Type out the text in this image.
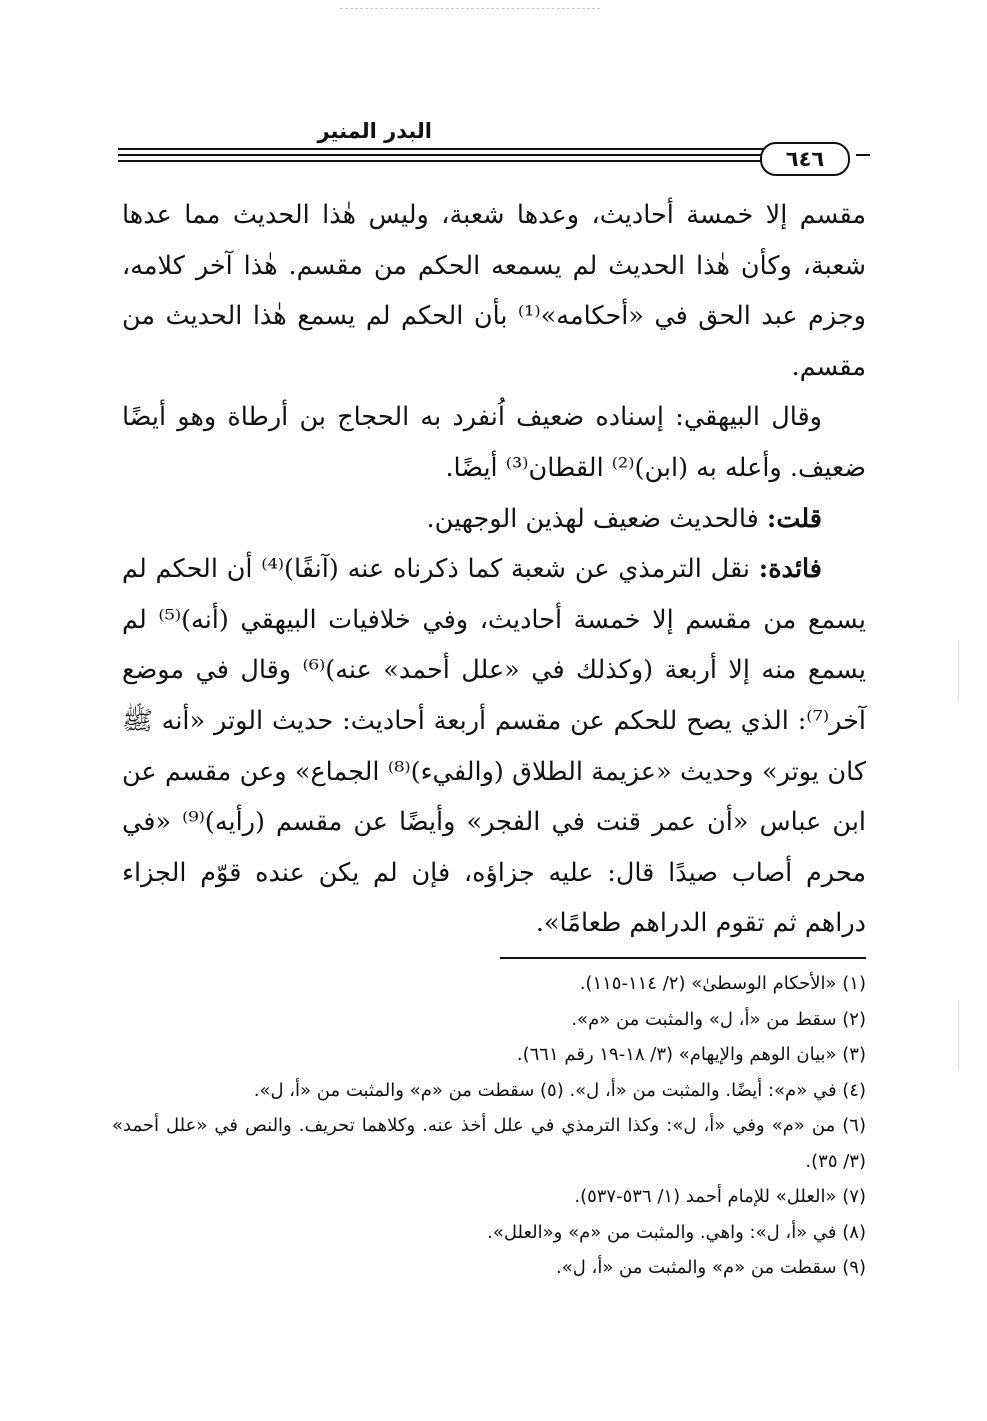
البدر المنير
٦٤٦

مقسم إلا خمسة أحاديث، وعدها شعبة، وليس هٰذا الحديث مما عدها شعبة، وكأن هٰذا الحديث لم يسمعه الحكم من مقسم. هٰذا آخر كلامه، وجزم عبد الحق في «أحكامه»⁽¹⁾ بأن الحكم لم يسمع هٰذا الحديث من مقسم.

وقال البيهقي: إسناده ضعيف اُنفرد به الحجاج بن أرطاة وهو أيضًا ضعيف. وأعله به (ابن)⁽²⁾ القطان⁽³⁾ أيضًا.

قلت: فالحديث ضعيف لهذين الوجهين.

فائدة: نقل الترمذي عن شعبة كما ذكرناه عنه (آنفًا)⁽⁴⁾ أن الحكم لم يسمع من مقسم إلا خمسة أحاديث، وفي خلافيات البيهقي (أنه)⁽⁵⁾ لم يسمع منه إلا أربعة (وكذلك في «علل أحمد» عنه)⁽⁶⁾ وقال في موضع آخر⁽⁷⁾: الذي يصح للحكم عن مقسم أربعة أحاديث: حديث الوتر «أنه ﷺ كان يوتر» وحديث «عزيمة الطلاق (والفيء)⁽⁸⁾ الجماع» وعن مقسم عن ابن عباس «أن عمر قنت في الفجر» وأيضًا عن مقسم (رأيه)⁽⁹⁾ «في محرم أصاب صيدًا قال: عليه جزاؤه، فإن لم يكن عنده قوّم الجزاء دراهم ثم تقوم الدراهم طعامًا».

(١) «الأحكام الوسطىٰ» (٢/ ١١٤-١١٥).

(٢) سقط من «أ، ل» والمثبت من «م».

(٣) «بيان الوهم والإيهام» (٣/ ١٨-١٩ رقم ٦٦١).

(٤) في «م»: أيضًا. والمثبت من «أ، ل». (٥) سقطت من «م» والمثبت من «أ، ل».

(٦) من «م» وفي «أ، ل»: وكذا الترمذي في علل أخذ عنه. وكلاهما تحريف. والنص في «علل أحمد» (٣/ ٣٥).

(٧) «العلل» للإمام أحمد (١/ ٥٣٦-٥٣٧).

(٨) في «أ، ل»: واهي. والمثبت من «م» و«العلل».

(٩) سقطت من «م» والمثبت من «أ، ل».
